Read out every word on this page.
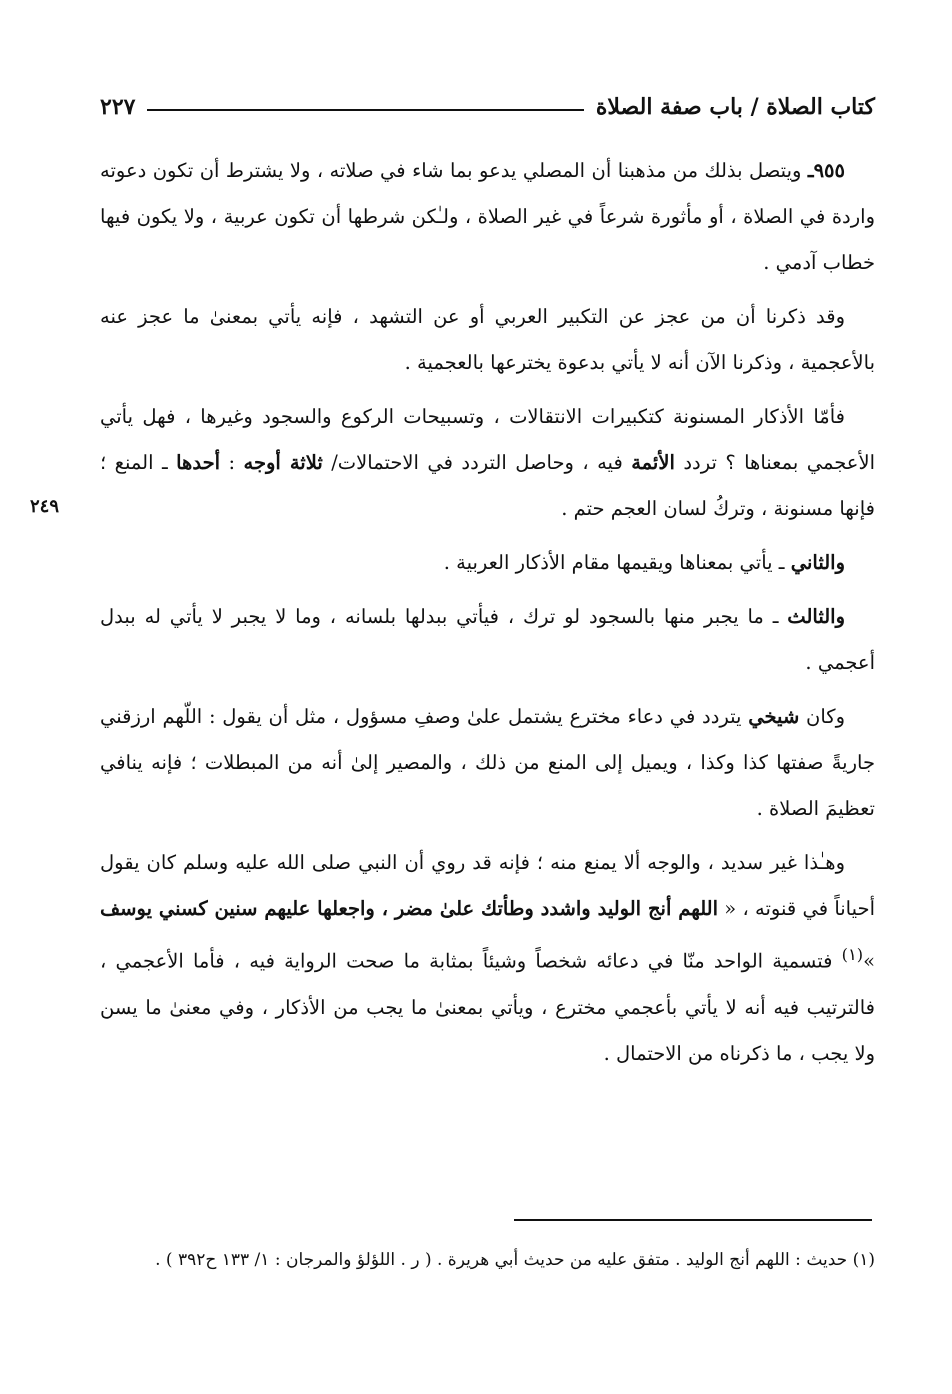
كتاب الصلاة / باب صفة الصلاة
٢٢٧

٩٥٥ـ ويتصل بذلك من مذهبنا أن المصلي يدعو بما شاء في صلاته ، ولا يشترط أن تكون دعوته واردة في الصلاة ، أو مأثورة شرعاً في غير الصلاة ، ولـٰكن شرطها أن تكون عربية ، ولا يكون فيها خطاب آدمي .

وقد ذكرنا أن من عجز عن التكبير العربي أو عن التشهد ، فإنه يأتي بمعنىٰ ما عجز عنه بالأعجمية ، وذكرنا الآن أنه لا يأتي بدعوة يخترعها بالعجمية .

فأمّا الأذكار المسنونة كتكبيرات الانتقالات ، وتسبيحات الركوع والسجود وغيرها ، فهل يأتي الأعجمي بمعناها ؟ تردد الأئمة فيه ، وحاصل التردد في الاحتمالات/ ثلاثة أوجه : أحدها ـ المنع ؛ فإنها مسنونة ، وتركُ لسان العجم حتم .

والثاني ـ يأتي بمعناها ويقيمها مقام الأذكار العربية .

والثالث ـ ما يجبر منها بالسجود لو ترك ، فيأتي ببدلها بلسانه ، وما لا يجبر لا يأتي له ببدل أعجمي .

وكان شيخي يتردد في دعاء مخترع يشتمل علىٰ وصفِ مسؤول ، مثل أن يقول : اللّهم ارزقني جاريةً صفتها كذا وكذا ، ويميل إلى المنع من ذلك ، والمصير إلىٰ أنه من المبطلات ؛ فإنه ينافي تعظيمَ الصلاة .

وهـٰذا غير سديد ، والوجه ألا يمنع منه ؛ فإنه قد روي أن النبي صلى الله عليه وسلم كان يقول أحياناً في قنوته ، « اللهم أنج الوليد واشدد وطأتك علىٰ مضر ، واجعلها عليهم سنين كسني يوسف »$^{(١)}$ فتسمية الواحد منّا في دعائه شخصاً وشيئاً بمثابة ما صحت الرواية فيه ، فأما الأعجمي ، فالترتيب فيه أنه لا يأتي بأعجمي مخترع ، ويأتي بمعنىٰ ما يجب من الأذكار ، وفي معنىٰ ما يسن ولا يجب ، ما ذكرناه من الاحتمال .

٢٤٩
(١) حديث : اللهم أنج الوليد . متفق عليه من حديث أبي هريرة . ( ر . اللؤلؤ والمرجان : ١/ ١٣٣ ح٣٩٢ ) .
